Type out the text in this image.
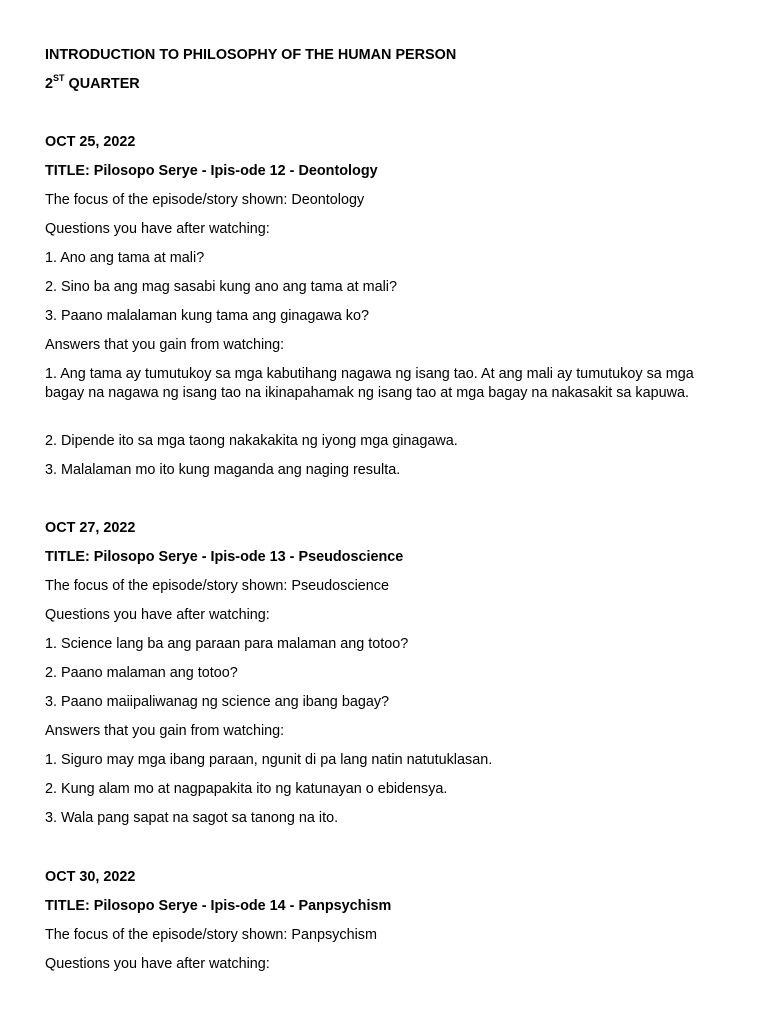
INTRODUCTION TO PHILOSOPHY OF THE HUMAN PERSON
2ST QUARTER
OCT 25, 2022
TITLE: Pilosopo Serye - Ipis-ode 12 - Deontology
The focus of the episode/story shown: Deontology
Questions you have after watching:
1. Ano ang tama at mali?
2. Sino ba ang mag sasabi kung ano ang tama at mali?
3. Paano malalaman kung tama ang ginagawa ko?
Answers that you gain from watching:
1. Ang tama ay tumutukoy sa mga kabutihang nagawa ng isang tao. At ang mali ay tumutukoy sa mga bagay na nagawa ng isang tao na ikinapahamak ng isang tao at mga bagay na nakasakit sa kapuwa.
2. Dipende ito sa mga taong nakakakita ng iyong mga ginagawa.
3. Malalaman mo ito kung maganda ang naging resulta.
OCT 27, 2022
TITLE: Pilosopo Serye - Ipis-ode 13 - Pseudoscience
The focus of the episode/story shown: Pseudoscience
Questions you have after watching:
1. Science lang ba ang paraan para malaman ang totoo?
2. Paano malaman ang totoo?
3. Paano maiipaliwanag ng science ang ibang bagay?
Answers that you gain from watching:
1. Siguro may mga ibang paraan, ngunit di pa lang natin natutuklasan.
2. Kung alam mo at nagpapakita ito ng katunayan o ebidensya.
3. Wala pang sapat na sagot sa tanong na ito.
OCT 30, 2022
TITLE: Pilosopo Serye - Ipis-ode 14 - Panpsychism
The focus of the episode/story shown: Panpsychism
Questions you have after watching:
